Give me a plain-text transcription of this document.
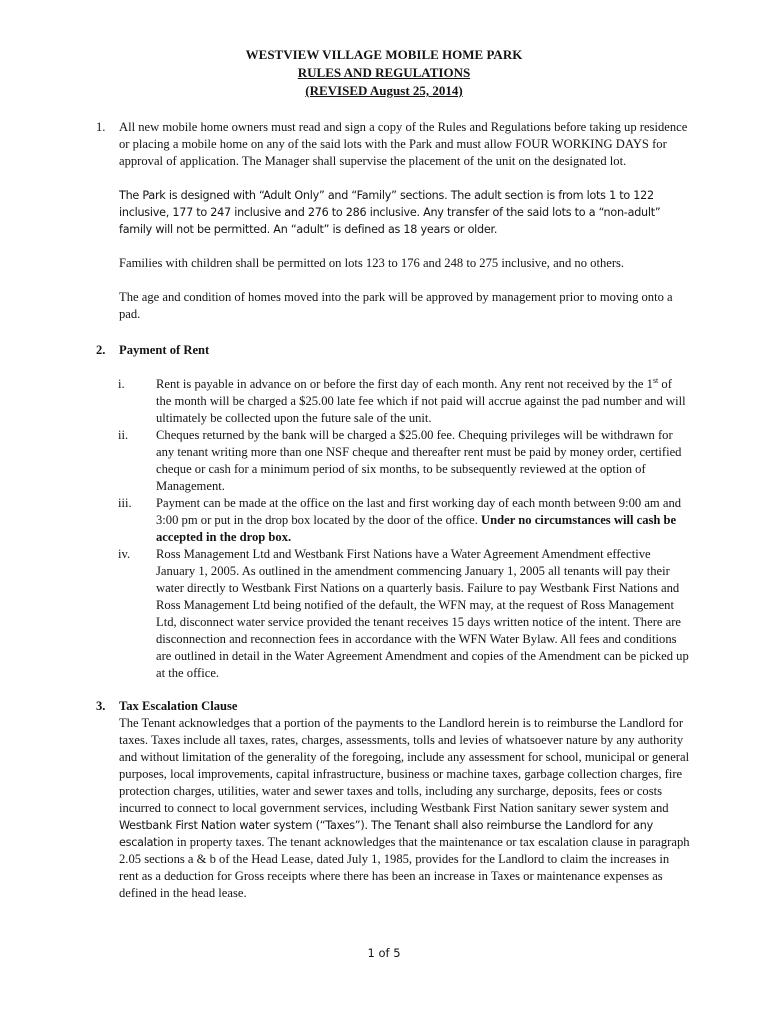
WESTVIEW VILLAGE MOBILE HOME PARK
RULES AND REGULATIONS
(REVISED August 25, 2014)
1.	All new mobile home owners must read and sign a copy of the Rules and Regulations before taking up residence or placing a mobile home on any of the said lots with the Park and must allow FOUR WORKING DAYS for approval of application. The Manager shall supervise the placement of the unit on the designated lot.

The Park is designed with “Adult Only” and “Family” sections. The adult section is from lots 1 to 122 inclusive, 177 to 247 inclusive and 276 to 286 inclusive. Any transfer of the said lots to a “non-adult” family will not be permitted. An “adult” is defined as 18 years or older.

Families with children shall be permitted on lots 123 to 176 and 248 to 275 inclusive, and no others.

The age and condition of homes moved into the park will be approved by management prior to moving onto a pad.

2.	Payment of Rent

i. Rent is payable in advance on or before the first day of each month. Any rent not received by the 1st of the month will be charged a $25.00 late fee which if not paid will accrue against the pad number and will ultimately be collected upon the future sale of the unit.

ii. Cheques returned by the bank will be charged a $25.00 fee. Chequing privileges will be withdrawn for any tenant writing more than one NSF cheque and thereafter rent must be paid by money order, certified cheque or cash for a minimum period of six months, to be subsequently reviewed at the option of Management.

iii. Payment can be made at the office on the last and first working day of each month between 9:00 am and 3:00 pm or put in the drop box located by the door of the office. Under no circumstances will cash be accepted in the drop box.

iv. Ross Management Ltd and Westbank First Nations have a Water Agreement Amendment effective January 1, 2005. As outlined in the amendment commencing January 1, 2005 all tenants will pay their water directly to Westbank First Nations on a quarterly basis. Failure to pay Westbank First Nations and Ross Management Ltd being notified of the default, the WFN may, at the request of Ross Management Ltd, disconnect water service provided the tenant receives 15 days written notice of the intent. There are disconnection and reconnection fees in accordance with the WFN Water Bylaw. All fees and conditions are outlined in detail in the Water Agreement Amendment and copies of the Amendment can be picked up at the office.

3.	Tax Escalation Clause

The Tenant acknowledges that a portion of the payments to the Landlord herein is to reimburse the Landlord for taxes. Taxes include all taxes, rates, charges, assessments, tolls and levies of whatsoever nature by any authority and without limitation of the generality of the foregoing, include any assessment for school, municipal or general purposes, local improvements, capital infrastructure, business or machine taxes, garbage collection charges, fire protection charges, utilities, water and sewer taxes and tolls, including any surcharge, deposits, fees or costs incurred to connect to local government services, including Westbank First Nation sanitary sewer system and Westbank First Nation water system (“Taxes”). The Tenant shall also reimburse the Landlord for any escalation in property taxes. The tenant acknowledges that the maintenance or tax escalation clause in paragraph 2.05 sections a & b of the Head Lease, dated July 1, 1985, provides for the Landlord to claim the increases in rent as a deduction for Gross receipts where there has been an increase in Taxes or maintenance expenses as defined in the head lease.

1 of 5
